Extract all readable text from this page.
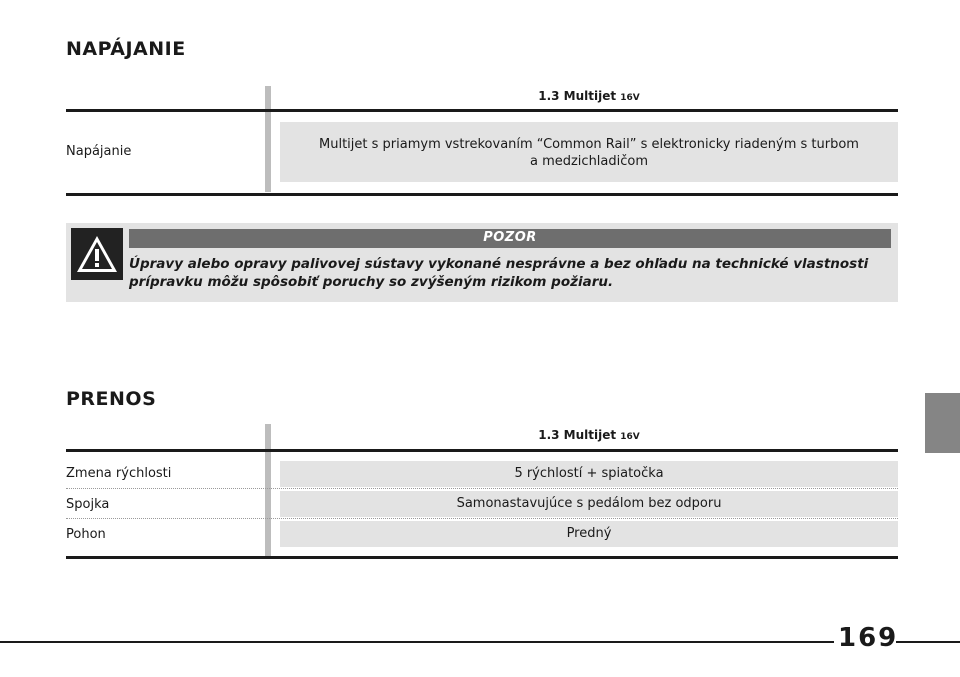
NAPÁJANIE
1.3 Multijet 16V
Napájanie	Multijet s priamym vstrekovaním “Common Rail” s elektronicky riadeným s turbom
a medzichladičom
POZOR
Úpravy alebo opravy palivovej sústavy vykonané nesprávne a bez ohľadu na technické vlastnosti
prípravku môžu spôsobiť poruchy so zvýšeným rizikom požiaru.
PRENOS
1.3 Multijet 16V
Zmena rýchlosti	5 rýchlostí + spiatočka
Spojka	Samonastavujúce s pedálom bez odporu
Pohon	Predný
169
